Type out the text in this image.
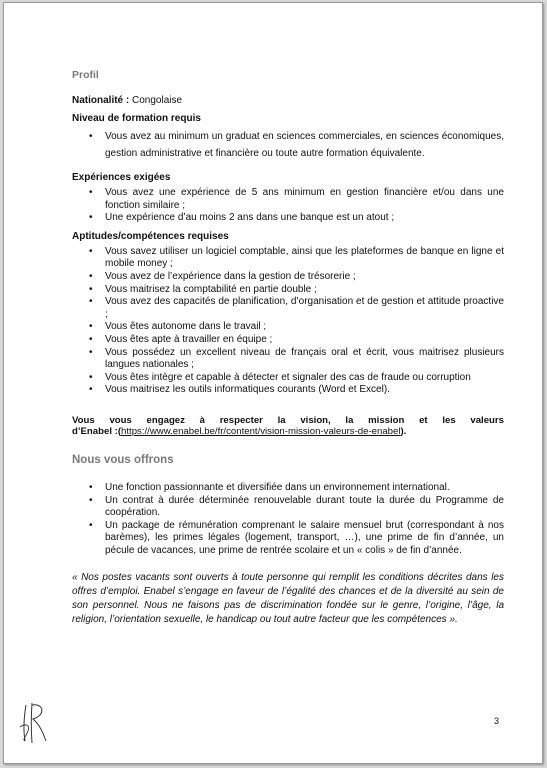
Profil
Nationalité : Congolaise
Niveau de formation requis
• Vous avez au minimum un graduat en sciences commerciales, en sciences économiques, gestion administrative et financière ou toute autre formation équivalente.
Expériences exigées
• Vous avez une expérience de 5 ans minimum en gestion financière et/ou dans une fonction similaire ;
• Une expérience d’au moins 2 ans dans une banque est un atout ;
Aptitudes/compétences requises
• Vous savez utiliser un logiciel comptable, ainsi que les plateformes de banque en ligne et mobile money ;
• Vous avez de l’expérience dans la gestion de trésorerie ;
• Vous maitrisez la comptabilité en partie double ;
• Vous avez des capacités de planification, d’organisation et de gestion et attitude proactive ;
• Vous êtes autonome dans le travail ;
• Vous êtes apte à travailler en équipe ;
• Vous possédez un excellent niveau de français oral et écrit, vous maitrisez plusieurs langues nationales ;
• Vous êtes intègre et capable à détecter et signaler des cas de fraude ou corruption
• Vous maitrisez les outils informatiques courants (Word et Excel).
Vous vous engagez à respecter la vision, la mission et les valeurs
d’Enabel :(https://www.enabel.be/fr/content/vision-mission-valeurs-de-enabel).
Nous vous offrons
• Une fonction passionnante et diversifiée dans un environnement international.
• Un contrat à durée déterminée renouvelable durant toute la durée du Programme de coopération.
• Un package de rémunération comprenant le salaire mensuel brut (correspondant à nos barèmes), les primes légales (logement, transport, …), une prime de fin d’année, un pécule de vacances, une prime de rentrée scolaire et un « colis » de fin d’année.
« Nos postes vacants sont ouverts à toute personne qui remplit les conditions décrites dans les offres d’emploi. Enabel s’engage en faveur de l’égalité des chances et de la diversité au sein de son personnel. Nous ne faisons pas de discrimination fondée sur le genre, l’origine, l’âge, la religion, l’orientation sexuelle, le handicap ou tout autre facteur que les compétences ».
3
